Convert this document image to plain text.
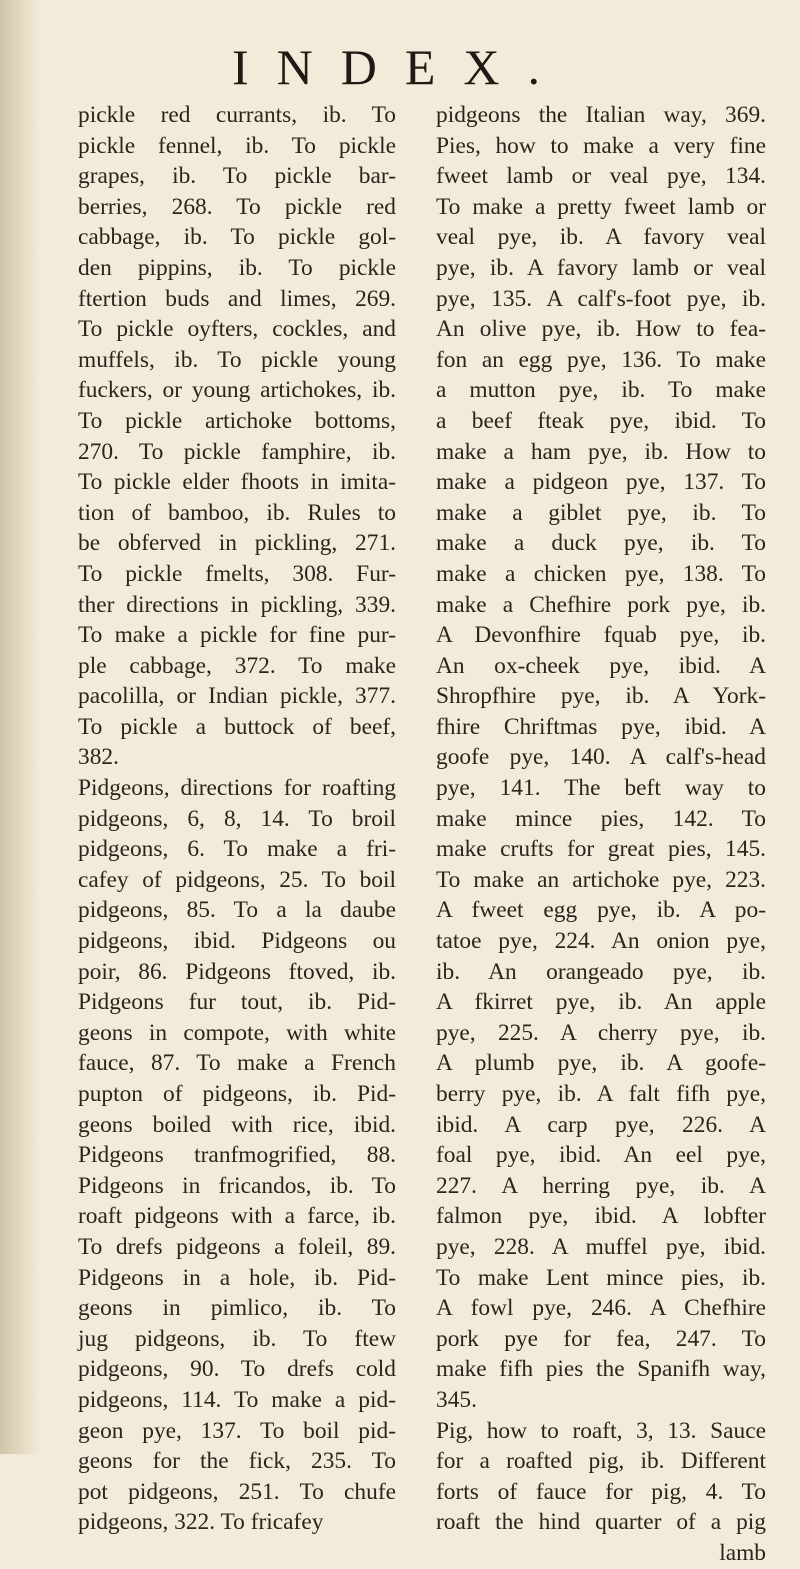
INDEX.
pickle red currants, ib. To
pickle fennel, ib. To pickle
grapes, ib. To pickle bar-
berries, 268. To pickle red
cabbage, ib. To pickle gol-
den pippins, ib. To pickle
ftertion buds and limes, 269.
To pickle oyfters, cockles, and
muffels, ib. To pickle young
fuckers, or young artichokes, ib.
To pickle artichoke bottoms,
270. To pickle famphire, ib.
To pickle elder fhoots in imita-
tion of bamboo, ib. Rules to
be obferved in pickling, 271.
To pickle fmelts, 308. Fur-
ther directions in pickling, 339.
To make a pickle for fine pur-
ple cabbage, 372. To make
pacolilla, or Indian pickle, 377.
To pickle a buttock of beef,
382.
Pidgeons, directions for roafting
pidgeons, 6, 8, 14. To broil
pidgeons, 6. To make a fri-
cafey of pidgeons, 25. To boil
pidgeons, 85. To a la daube
pidgeons, ibid. Pidgeons ou
poir, 86. Pidgeons ftoved, ib.
Pidgeons fur tout, ib. Pid-
geons in compote, with white
fauce, 87. To make a French
pupton of pidgeons, ib. Pid-
geons boiled with rice, ibid.
Pidgeons tranfmogrified, 88.
Pidgeons in fricandos, ib. To
roaft pidgeons with a farce, ib.
To drefs pidgeons a foleil, 89.
Pidgeons in a hole, ib. Pid-
geons in pimlico, ib. To
jug pidgeons, ib. To ftew
pidgeons, 90. To drefs cold
pidgeons, 114. To make a pid-
geon pye, 137. To boil pid-
geons for the fick, 235. To
pot pidgeons, 251. To chufe
pidgeons, 322. To fricafey
pidgeons the Italian way, 369.
Pies, how to make a very fine
fweet lamb or veal pye, 134.
To make a pretty fweet lamb or
veal pye, ib. A favory veal
pye, ib. A favory lamb or veal
pye, 135. A calf's-foot pye, ib.
An olive pye, ib. How to fea-
fon an egg pye, 136. To make
a mutton pye, ib. To make
a beef fteak pye, ibid. To
make a ham pye, ib. How to
make a pidgeon pye, 137. To
make a giblet pye, ib. To
make a duck pye, ib. To
make a chicken pye, 138. To
make a Chefhire pork pye, ib.
A Devonfhire fquab pye, ib.
An ox-cheek pye, ibid. A
Shropfhire pye, ib. A York-
fhire Chriftmas pye, ibid. A
goofe pye, 140. A calf's-head
pye, 141. The beft way to
make mince pies, 142. To
make crufts for great pies, 145.
To make an artichoke pye, 223.
A fweet egg pye, ib. A po-
tatoe pye, 224. An onion pye,
ib. An orangeado pye, ib.
A fkirret pye, ib. An apple
pye, 225. A cherry pye, ib.
A plumb pye, ib. A goofe-
berry pye, ib. A falt fifh pye,
ibid. A carp pye, 226. A
foal pye, ibid. An eel pye,
227. A herring pye, ib. A
falmon pye, ibid. A lobfter
pye, 228. A muffel pye, ibid.
To make Lent mince pies, ib.
A fowl pye, 246. A Chefhire
pork pye for fea, 247. To
make fifh pies the Spanifh way,
345.
Pig, how to roaft, 3, 13. Sauce
for a roafted pig, ib. Different
forts of fauce for pig, 4. To
roaft the hind quarter of a pig
lamb
